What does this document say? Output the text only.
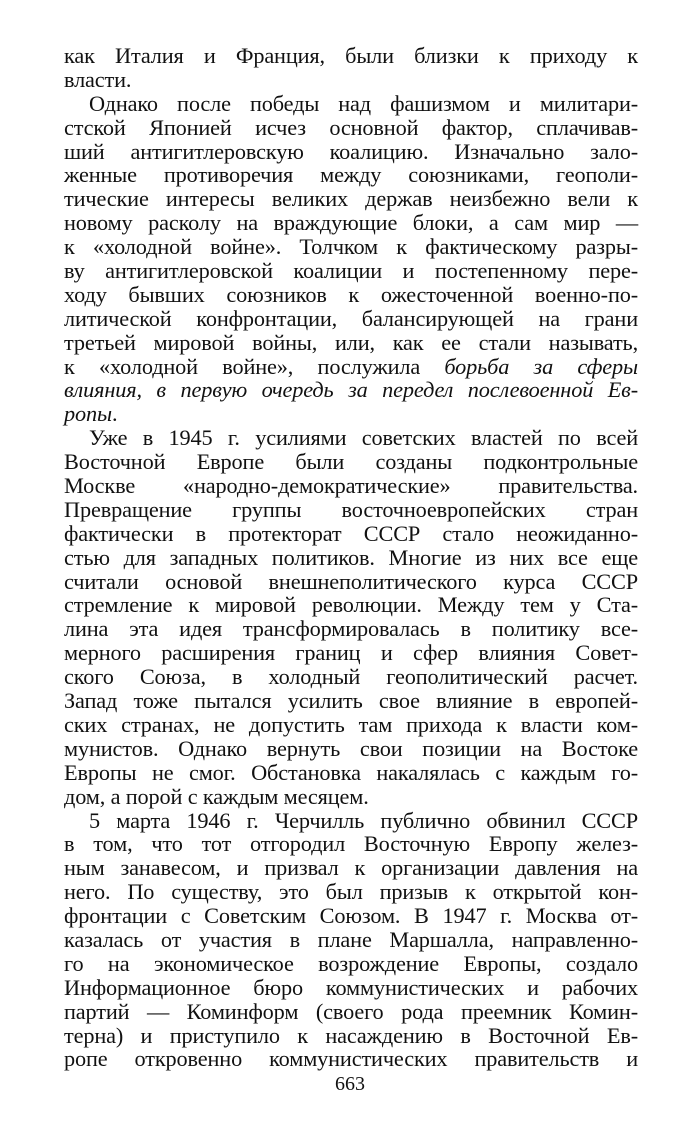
как Италия и Франция, были близки к приходу к
власти.
Однако после победы над фашизмом и милитари-
стской Японией исчез основной фактор, сплачивав-
ший антигитлеровскую коалицию. Изначально зало-
женные противоречия между союзниками, геополи-
тические интересы великих держав неизбежно вели к
новому расколу на враждующие блоки, а сам мир —
к «холодной войне». Толчком к фактическому разры-
ву антигитлеровской коалиции и постепенному пере-
ходу бывших союзников к ожесточенной военно-по-
литической конфронтации, балансирующей на грани
третьей мировой войны, или, как ее стали называть,
к «холодной войне», послужила борьба за сферы
влияния, в первую очередь за передел послевоенной Ев-
ропы.
Уже в 1945 г. усилиями советских властей по всей
Восточной Европе были созданы подконтрольные
Москве «народно-демократические» правительства.
Превращение группы восточноевропейских стран
фактически в протекторат СССР стало неожиданно-
стью для западных политиков. Многие из них все еще
считали основой внешнеполитического курса СССР
стремление к мировой революции. Между тем у Ста-
лина эта идея трансформировалась в политику все-
мерного расширения границ и сфер влияния Совет-
ского Союза, в холодный геополитический расчет.
Запад тоже пытался усилить свое влияние в европей-
ских странах, не допустить там прихода к власти ком-
мунистов. Однако вернуть свои позиции на Востоке
Европы не смог. Обстановка накалялась с каждым го-
дом, а порой с каждым месяцем.
5 марта 1946 г. Черчилль публично обвинил СССР
в том, что тот отгородил Восточную Европу желез-
ным занавесом, и призвал к организации давления на
него. По существу, это был призыв к открытой кон-
фронтации с Советским Союзом. В 1947 г. Москва от-
казалась от участия в плане Маршалла, направленно-
го на экономическое возрождение Европы, создало
Информационное бюро коммунистических и рабочих
партий — Коминформ (своего рода преемник Комин-
терна) и приступило к насаждению в Восточной Ев-
ропе откровенно коммунистических правительств и
663
